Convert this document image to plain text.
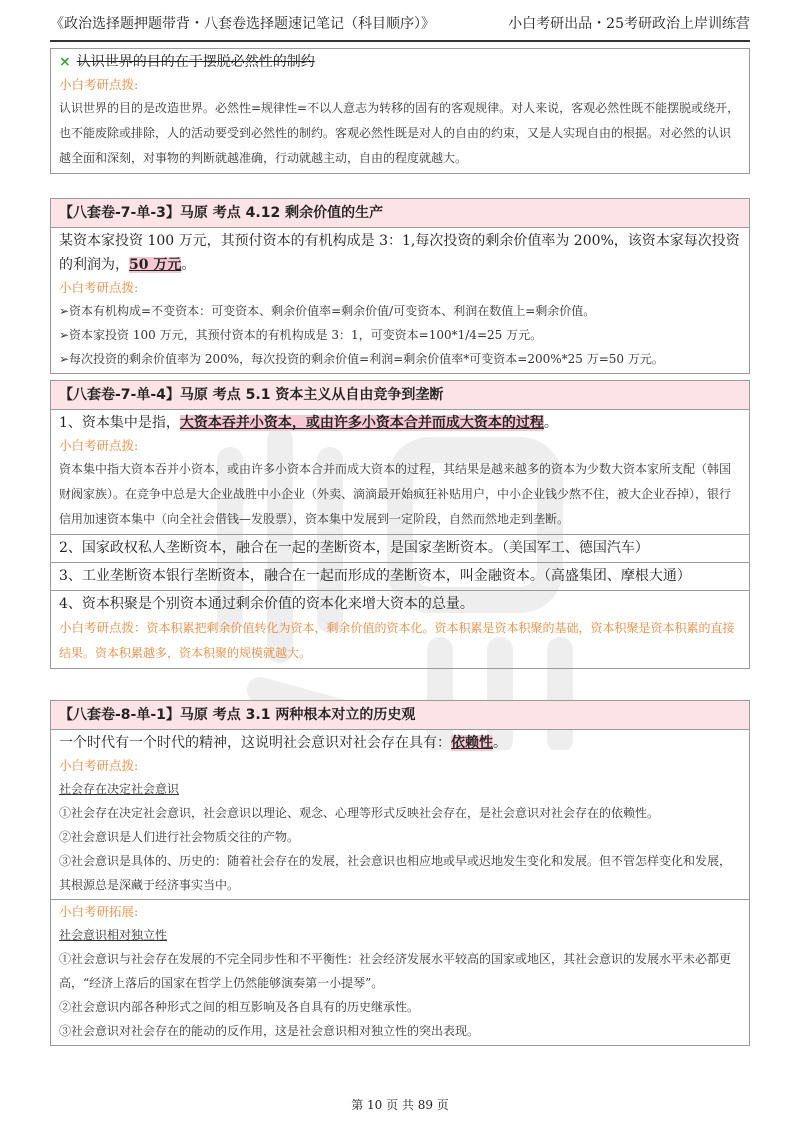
《政治选择题押题带背・八套卷选择题速记笔记（科目顺序）》	小白考研出品・25考研政治上岸训练营
× 认识世界的目的在于摆脱必然性的制约
小白考研点拨:
认识世界的目的是改造世界。必然性=规律性=不以人意志为转移的固有的客观规律。对人来说，客观必然性既不能摆脱或绕开，也不能废除或排除，人的活动要受到必然性的制约。客观必然性既是对人的自由的约束，又是人实现自由的根据。对必然的认识越全面和深刻，对事物的判断就越准确，行动就越主动，自由的程度就越大。
【八套卷-7-单-3】马原 考点 4.12 剩余价值的生产
某资本家投资 100 万元，其预付资本的有机构成是 3：1,每次投资的剩余价值率为 200%，该资本家每次投资的利润为，50 万元。
小白考研点拨:
➢资本有机构成=不变资本：可变资本、剩余价值率=剩余价值/可变资本、利润在数值上=剩余价值。
➢资本家投资 100 万元，其预付资本的有机构成是 3：1，可变资本=100*1/4=25 万元。
➢每次投资的剩余价值率为 200%，每次投资的剩余价值=利润=剩余价值率*可变资本=200%*25 万=50 万元。
【八套卷-7-单-4】马原 考点 5.1 资本主义从自由竞争到垄断
1、资本集中是指，大资本吞并小资本，或由许多小资本合并而成大资本的过程。
小白考研点拨:
资本集中指大资本吞并小资本，或由许多小资本合并而成大资本的过程，其结果是越来越多的资本为少数大资本家所支配（韩国财阀家族）。在竞争中总是大企业战胜中小企业（外卖、滴滴最开始疯狂补贴用户，中小企业钱少熬不住，被大企业吞掉），银行信用加速资本集中（向全社会借钱—发股票），资本集中发展到一定阶段，自然而然地走到垄断。
2、国家政权私人垄断资本，融合在一起的垄断资本，是国家垄断资本。（美国军工、德国汽车）
3、工业垄断资本银行垄断资本，融合在一起而形成的垄断资本，叫金融资本。（高盛集团、摩根大通）
4、资本积聚是个别资本通过剩余价值的资本化来增大资本的总量。
小白考研点拨：资本积累把剩余价值转化为资本，剩余价值的资本化。资本积累是资本积聚的基础，资本积聚是资本积累的直接结果。资本积累越多，资本积聚的规模就越大。
【八套卷-8-单-1】马原 考点 3.1 两种根本对立的历史观
一个时代有一个时代的精神，这说明社会意识对社会存在具有：依赖性。
小白考研点拨:
社会存在决定社会意识
①社会存在决定社会意识，社会意识以理论、观念、心理等形式反映社会存在，是社会意识对社会存在的依赖性。
②社会意识是人们进行社会物质交往的产物。
③社会意识是具体的、历史的：随着社会存在的发展，社会意识也相应地或早或迟地发生变化和发展。但不管怎样变化和发展，其根源总是深藏于经济事实当中。
小白考研拓展:
社会意识相对独立性
①社会意识与社会存在发展的不完全同步性和不平衡性：社会经济发展水平较高的国家或地区，其社会意识的发展水平未必都更高，“经济上落后的国家在哲学上仍然能够演奏第一小提琴”。
②社会意识内部各种形式之间的相互影响及各自具有的历史继承性。
③社会意识对社会存在的能动的反作用，这是社会意识相对独立性的突出表现。
第 10 页 共 89 页
